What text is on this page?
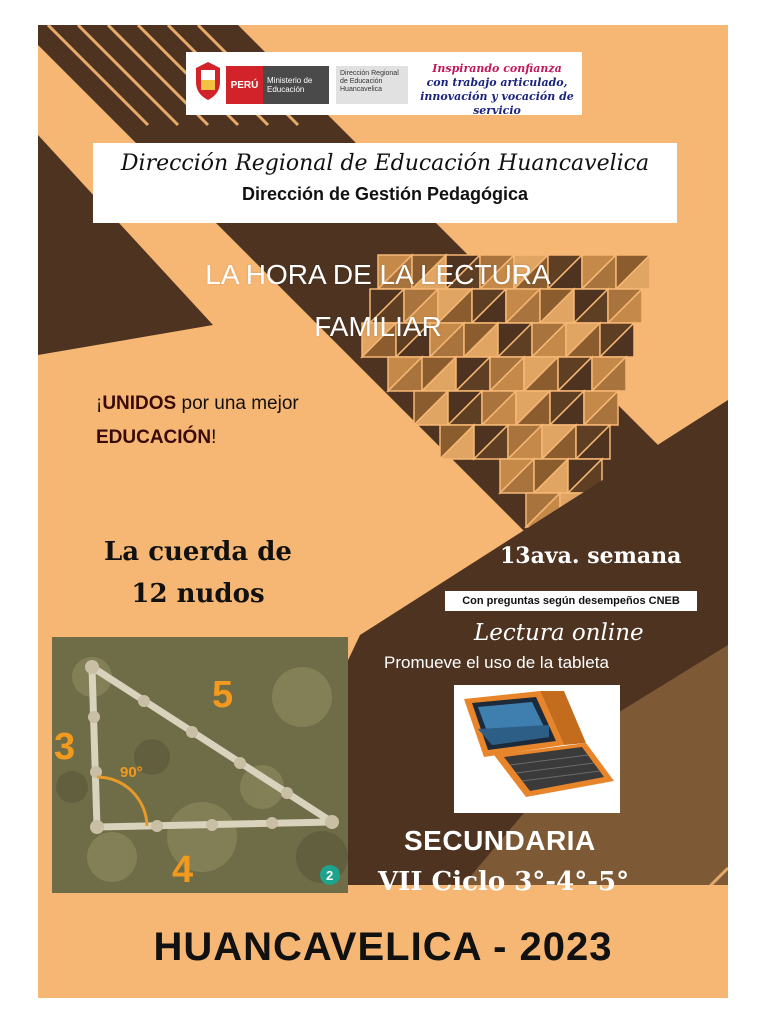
PERÚ	Ministerio de Educación
Dirección Regional de Educación Huancavelica
Inspirando confianza
con trabajo articulado,
innovación y vocación de servicio
Dirección Regional de Educación Huancavelica
Dirección de Gestión Pedagógica
LA HORA DE LA LECTURA
FAMILIAR
¡UNIDOS por una mejor
EDUCACIÓN!
La cuerda de
12 nudos
13ava. semana
Con preguntas según desempeños CNEB
Lectura online
Promueve el uso de la tableta
3
5
4
90°
2
SECUNDARIA
VII Ciclo 3°-4°-5°
HUANCAVELICA - 2023
